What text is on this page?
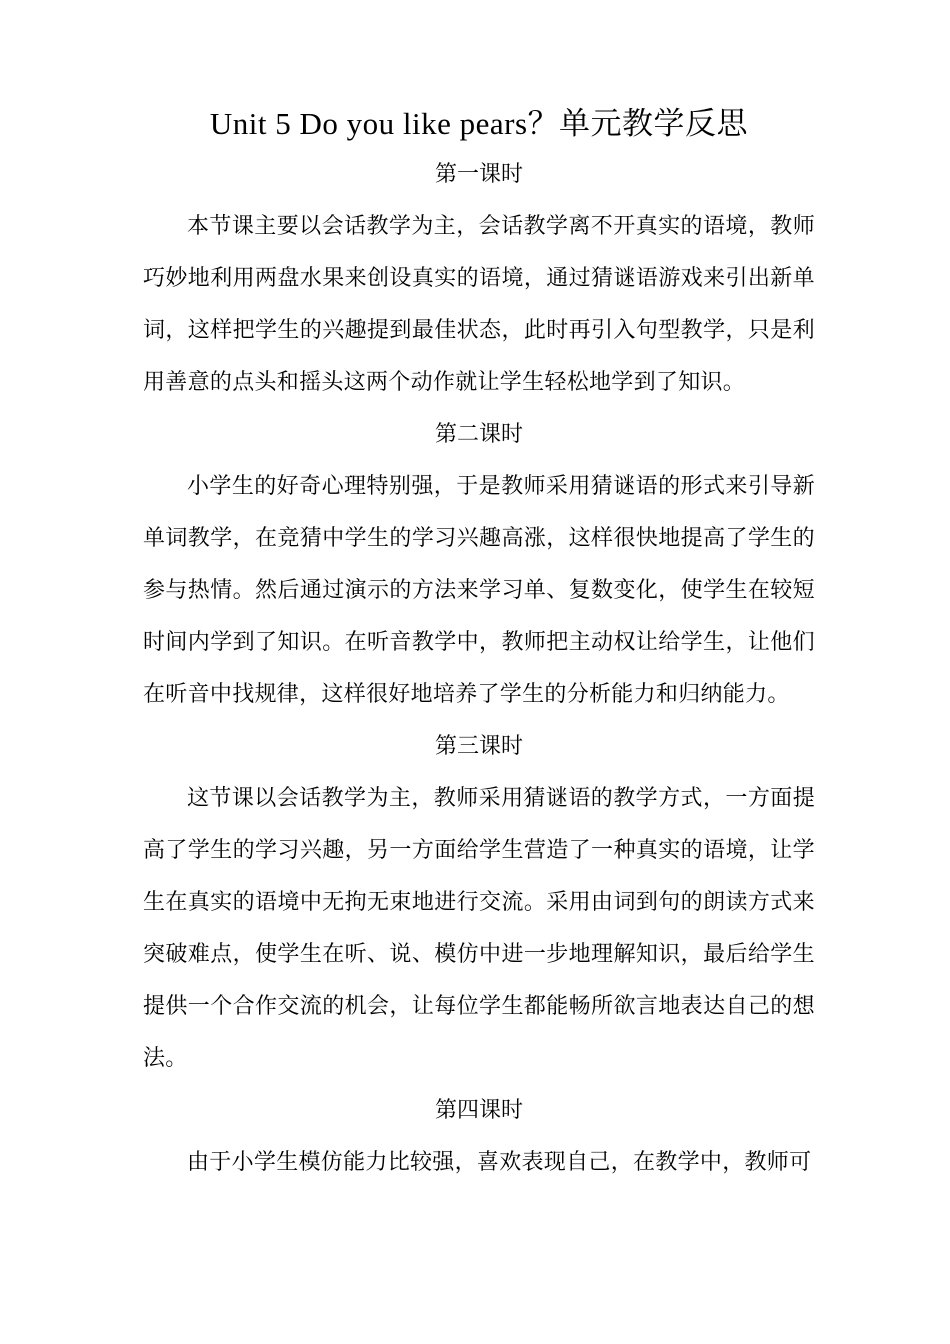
Unit 5 Do you like pears？单元教学反思
第一课时

本节课主要以会话教学为主，会话教学离不开真实的语境，教师巧妙地利用两盘水果来创设真实的语境，通过猜谜语游戏来引出新单词，这样把学生的兴趣提到最佳状态，此时再引入句型教学，只是利用善意的点头和摇头这两个动作就让学生轻松地学到了知识。

第二课时

小学生的好奇心理特别强，于是教师采用猜谜语的形式来引导新单词教学，在竞猜中学生的学习兴趣高涨，这样很快地提高了学生的参与热情。然后通过演示的方法来学习单、复数变化，使学生在较短时间内学到了知识。在听音教学中，教师把主动权让给学生，让他们在听音中找规律，这样很好地培养了学生的分析能力和归纳能力。

第三课时

这节课以会话教学为主，教师采用猜谜语的教学方式，一方面提高了学生的学习兴趣，另一方面给学生营造了一种真实的语境，让学生在真实的语境中无拘无束地进行交流。采用由词到句的朗读方式来突破难点，使学生在听、说、模仿中进一步地理解知识，最后给学生提供一个合作交流的机会，让每位学生都能畅所欲言地表达自己的想法。

第四课时

由于小学生模仿能力比较强，喜欢表现自己，在教学中，教师可
